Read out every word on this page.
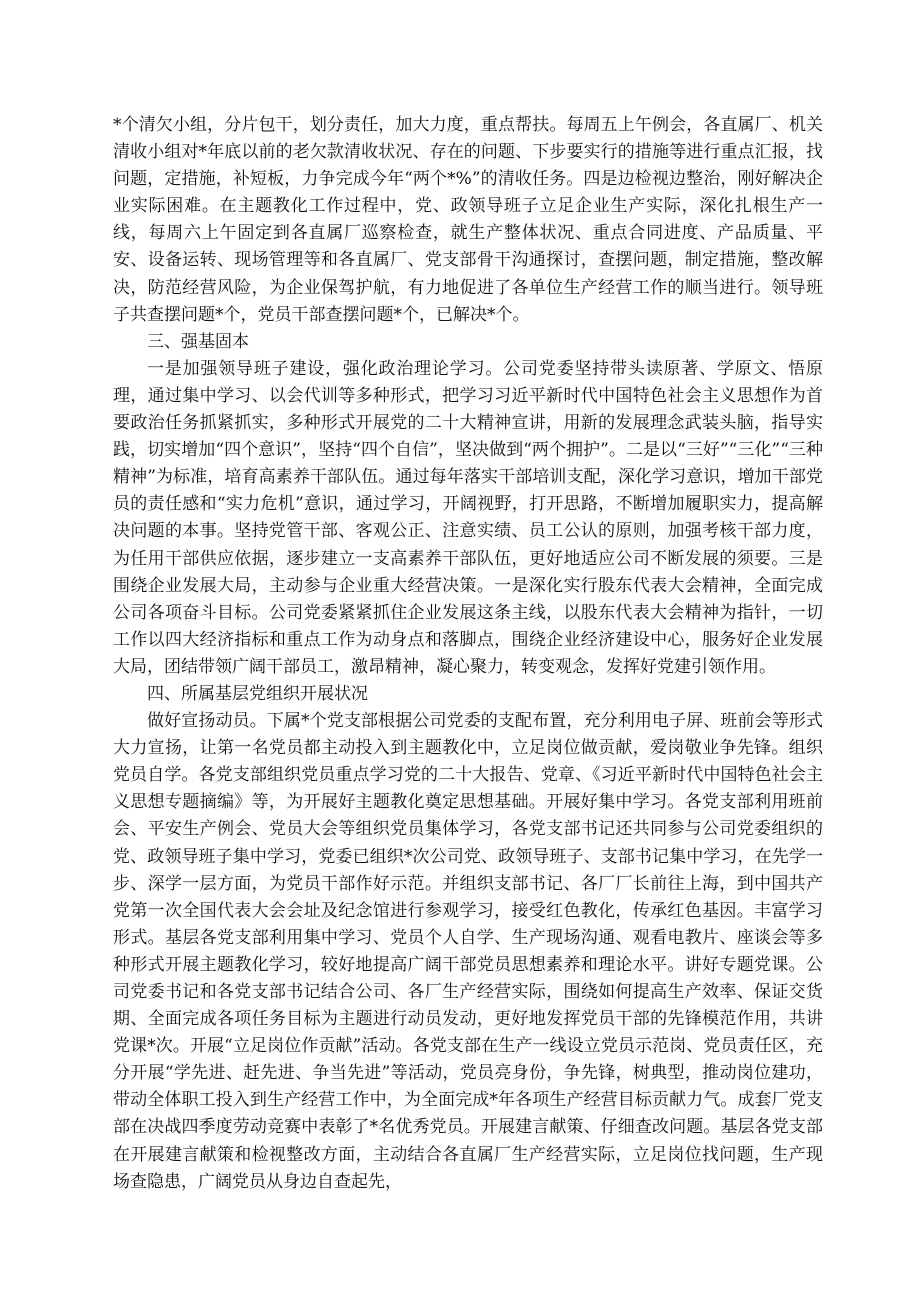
*个清欠小组，分片包干，划分责任，加大力度，重点帮扶。每周五上午例会，各直属厂、机关清收小组对*年底以前的老欠款清收状况、存在的问题、下步要实行的措施等进行重点汇报，找问题，定措施，补短板，力争完成今年“两个*%”的清收任务。四是边检视边整治，刚好解决企业实际困难。在主题教化工作过程中，党、政领导班子立足企业生产实际，深化扎根生产一线，每周六上午固定到各直属厂巡察检查，就生产整体状况、重点合同进度、产品质量、平安、设备运转、现场管理等和各直属厂、党支部骨干沟通探讨，查摆问题，制定措施，整改解决，防范经营风险，为企业保驾护航，有力地促进了各单位生产经营工作的顺当进行。领导班子共查摆问题*个，党员干部查摆问题*个，已解决*个。

三、强基固本

一是加强领导班子建设，强化政治理论学习。公司党委坚持带头读原著、学原文、悟原理，通过集中学习、以会代训等多种形式，把学习习近平新时代中国特色社会主义思想作为首要政治任务抓紧抓实，多种形式开展党的二十大精神宣讲，用新的发展理念武装头脑，指导实践，切实增加“四个意识”，坚持“四个自信”，坚决做到“两个拥护”。二是以“三好”“三化”“三种精神”为标准，培育高素养干部队伍。通过每年落实干部培训支配，深化学习意识，增加干部党员的责任感和“实力危机”意识，通过学习，开阔视野，打开思路，不断增加履职实力，提高解决问题的本事。坚持党管干部、客观公正、注意实绩、员工公认的原则，加强考核干部力度，为任用干部供应依据，逐步建立一支高素养干部队伍，更好地适应公司不断发展的须要。三是围绕企业发展大局，主动参与企业重大经营决策。一是深化实行股东代表大会精神，全面完成公司各项奋斗目标。公司党委紧紧抓住企业发展这条主线，以股东代表大会精神为指针，一切工作以四大经济指标和重点工作为动身点和落脚点，围绕企业经济建设中心，服务好企业发展大局，团结带领广阔干部员工，激昂精神，凝心聚力，转变观念，发挥好党建引领作用。

四、所属基层党组织开展状况

做好宣扬动员。下属*个党支部根据公司党委的支配布置，充分利用电子屏、班前会等形式大力宣扬，让第一名党员都主动投入到主题教化中，立足岗位做贡献，爱岗敬业争先锋。组织党员自学。各党支部组织党员重点学习党的二十大报告、党章、《习近平新时代中国特色社会主义思想专题摘编》等，为开展好主题教化奠定思想基础。开展好集中学习。各党支部利用班前会、平安生产例会、党员大会等组织党员集体学习，各党支部书记还共同参与公司党委组织的党、政领导班子集中学习，党委已组织*次公司党、政领导班子、支部书记集中学习，在先学一步、深学一层方面，为党员干部作好示范。并组织支部书记、各厂厂长前往上海，到中国共产党第一次全国代表大会会址及纪念馆进行参观学习，接受红色教化，传承红色基因。丰富学习形式。基层各党支部利用集中学习、党员个人自学、生产现场沟通、观看电教片、座谈会等多种形式开展主题教化学习，较好地提高广阔干部党员思想素养和理论水平。讲好专题党课。公司党委书记和各党支部书记结合公司、各厂生产经营实际，围绕如何提高生产效率、保证交货期、全面完成各项任务目标为主题进行动员发动，更好地发挥党员干部的先锋模范作用，共讲党课*次。开展“立足岗位作贡献”活动。各党支部在生产一线设立党员示范岗、党员责任区，充分开展“学先进、赶先进、争当先进”等活动，党员亮身份，争先锋，树典型，推动岗位建功，带动全体职工投入到生产经营工作中，为全面完成*年各项生产经营目标贡献力气。成套厂党支部在决战四季度劳动竞赛中表彰了*名优秀党员。开展建言献策、仔细查改问题。基层各党支部在开展建言献策和检视整改方面，主动结合各直属厂生产经营实际，立足岗位找问题，生产现场查隐患，广阔党员从身边自查起先，
